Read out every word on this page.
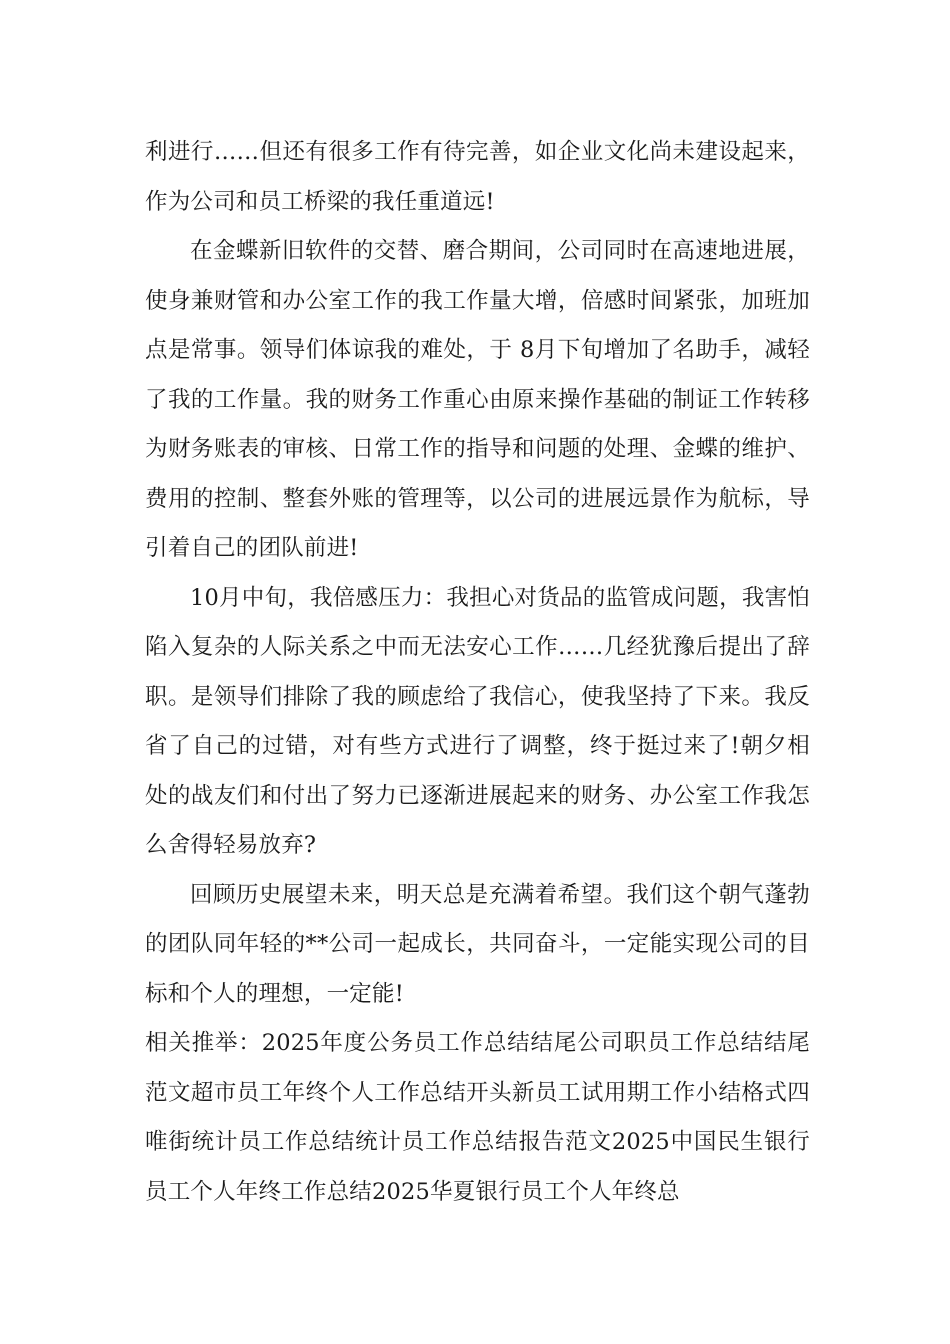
利进行……但还有很多工作有待完善，如企业文化尚未建设起来，作为公司和员工桥梁的我任重道远!

在金蝶新旧软件的交替、磨合期间，公司同时在高速地进展，使身兼财管和办公室工作的我工作量大增，倍感时间紧张，加班加点是常事。领导们体谅我的难处，于 8月下旬增加了名助手，减轻了我的工作量。我的财务工作重心由原来操作基础的制证工作转移为财务账表的审核、日常工作的指导和问题的处理、金蝶的维护、费用的控制、整套外账的管理等，以公司的进展远景作为航标，导引着自己的团队前进!

10月中旬，我倍感压力：我担心对货品的监管成问题，我害怕陷入复杂的人际关系之中而无法安心工作……几经犹豫后提出了辞职。是领导们排除了我的顾虑给了我信心，使我坚持了下来。我反省了自己的过错，对有些方式进行了调整，终于挺过来了!朝夕相处的战友们和付出了努力已逐渐进展起来的财务、办公室工作我怎么舍得轻易放弃?

回顾历史展望未来，明天总是充满着希望。我们这个朝气蓬勃的团队同年轻的**公司一起成长，共同奋斗，一定能实现公司的目标和个人的理想，一定能!

相关推举：2025年度公务员工作总结结尾公司职员工作总结结尾范文超市员工年终个人工作总结开头新员工试用期工作小结格式四唯街统计员工作总结统计员工作总结报告范文2025中国民生银行员工个人年终工作总结2025华夏银行员工个人年终总
